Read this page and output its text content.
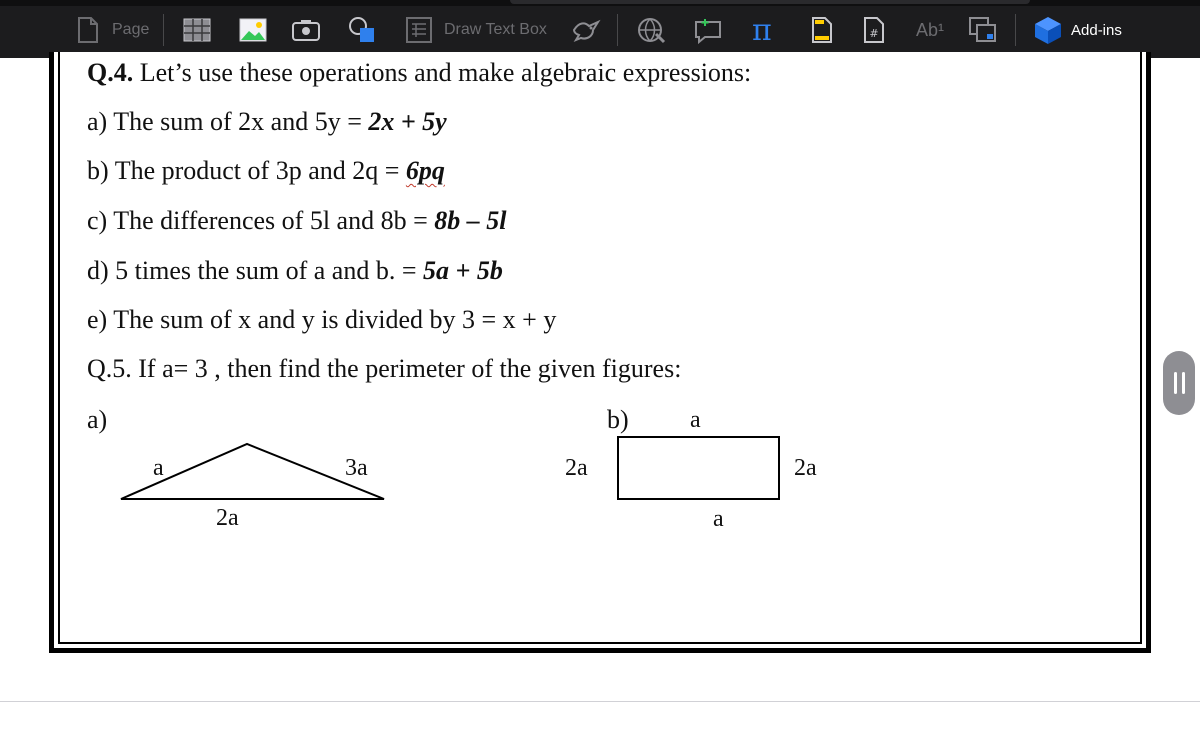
Page	Draw Text Box	π	# Ab¹	Add-ins
Q.4. Let’s use these operations and make algebraic expressions:
a) The sum of 2x and 5y = 2x + 5y
b) The product of 3p and 2q = 6pq
c) The differences of 5l and 8b = 8b – 5l
d) 5 times the sum of a and b. = 5a + 5b
e) The sum of x and y is divided by 3 = x + y
Q.5. If a= 3 , then find the perimeter of the given figures:
a)
a	3a
2a
b)	a
2a	2a
a
